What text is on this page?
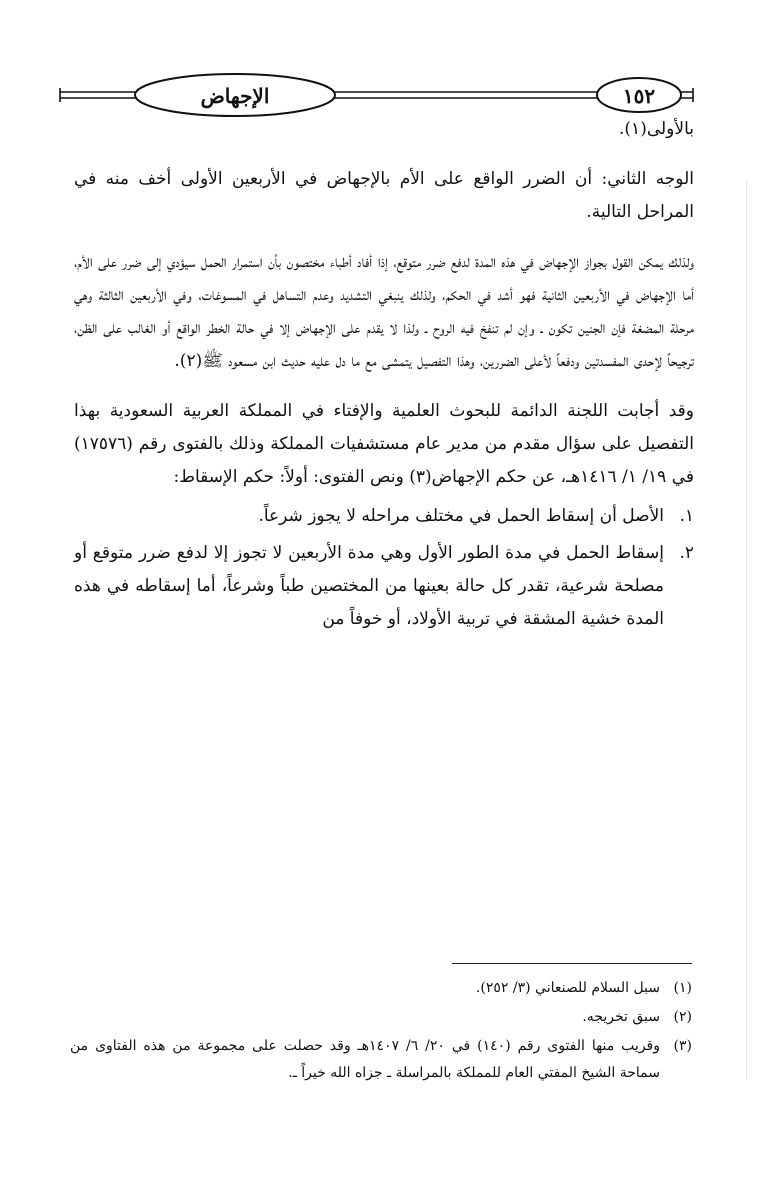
الإجهاض	١٥٢

بالأولى(١).

الوجه الثاني: أن الضرر الواقع على الأم بالإجهاض في الأربعين الأولى أخف منه في المراحل التالية.

ولذلك يمكن القول بجواز الإجهاض في هذه المدة لدفع ضرر متوقع، إذا أفاد أطباء مختصون بأن استمرار الحمل سيؤدي إلى ضرر على الأم، أما الإجهاض في الأربعين الثانية فهو أشد في الحكم، ولذلك ينبغي التشديد وعدم التساهل في المسوغات، وفي الأربعين الثالثة وهي مرحلة المضغة فإن الجنين تكون ـ وإن لم تنفخ فيه الروح ـ ولذا لا يقدم على الإجهاض إلا في حالة الخطر الواقع أو الغالب على الظن، ترجيحاً لإحدى المفسدتين ودفعاً لأعلى الضررين، وهذا التفصيل يتمشى مع ما دل عليه حديث ابن مسعود ﷺ(٢).

وقد أجابت اللجنة الدائمة للبحوث العلمية والإفتاء في المملكة العربية السعودية بهذا التفصيل على سؤال مقدم من مدير عام مستشفيات المملكة وذلك بالفتوى رقم (١٧٥٧٦) في ١٩/ ١/ ١٤١٦هـ، عن حكم الإجهاض(٣) ونص الفتوى: أولاً: حكم الإسقاط:

١.
الأصل أن إسقاط الحمل في مختلف مراحله لا يجوز شرعاً.
٢.
إسقاط الحمل في مدة الطور الأول وهي مدة الأربعين لا تجوز إلا لدفع ضرر متوقع أو مصلحة شرعية، تقدر كل حالة بعينها من المختصين طباً وشرعاً، أما إسقاطه في هذه المدة خشية المشقة في تربية الأولاد، أو خوفاً من
(١)
سبل السلام للصنعاني (٣/ ٢٥٢).
(٢)
سبق تخريجه.
(٣)
وقريب منها الفتوى رقم (١٤٠) في ٢٠/ ٦/ ١٤٠٧هـ وقد حصلت على مجموعة من هذه الفتاوى من سماحة الشيخ المفتي العام للمملكة بالمراسلة ـ جزاه الله خيراً ـ.
